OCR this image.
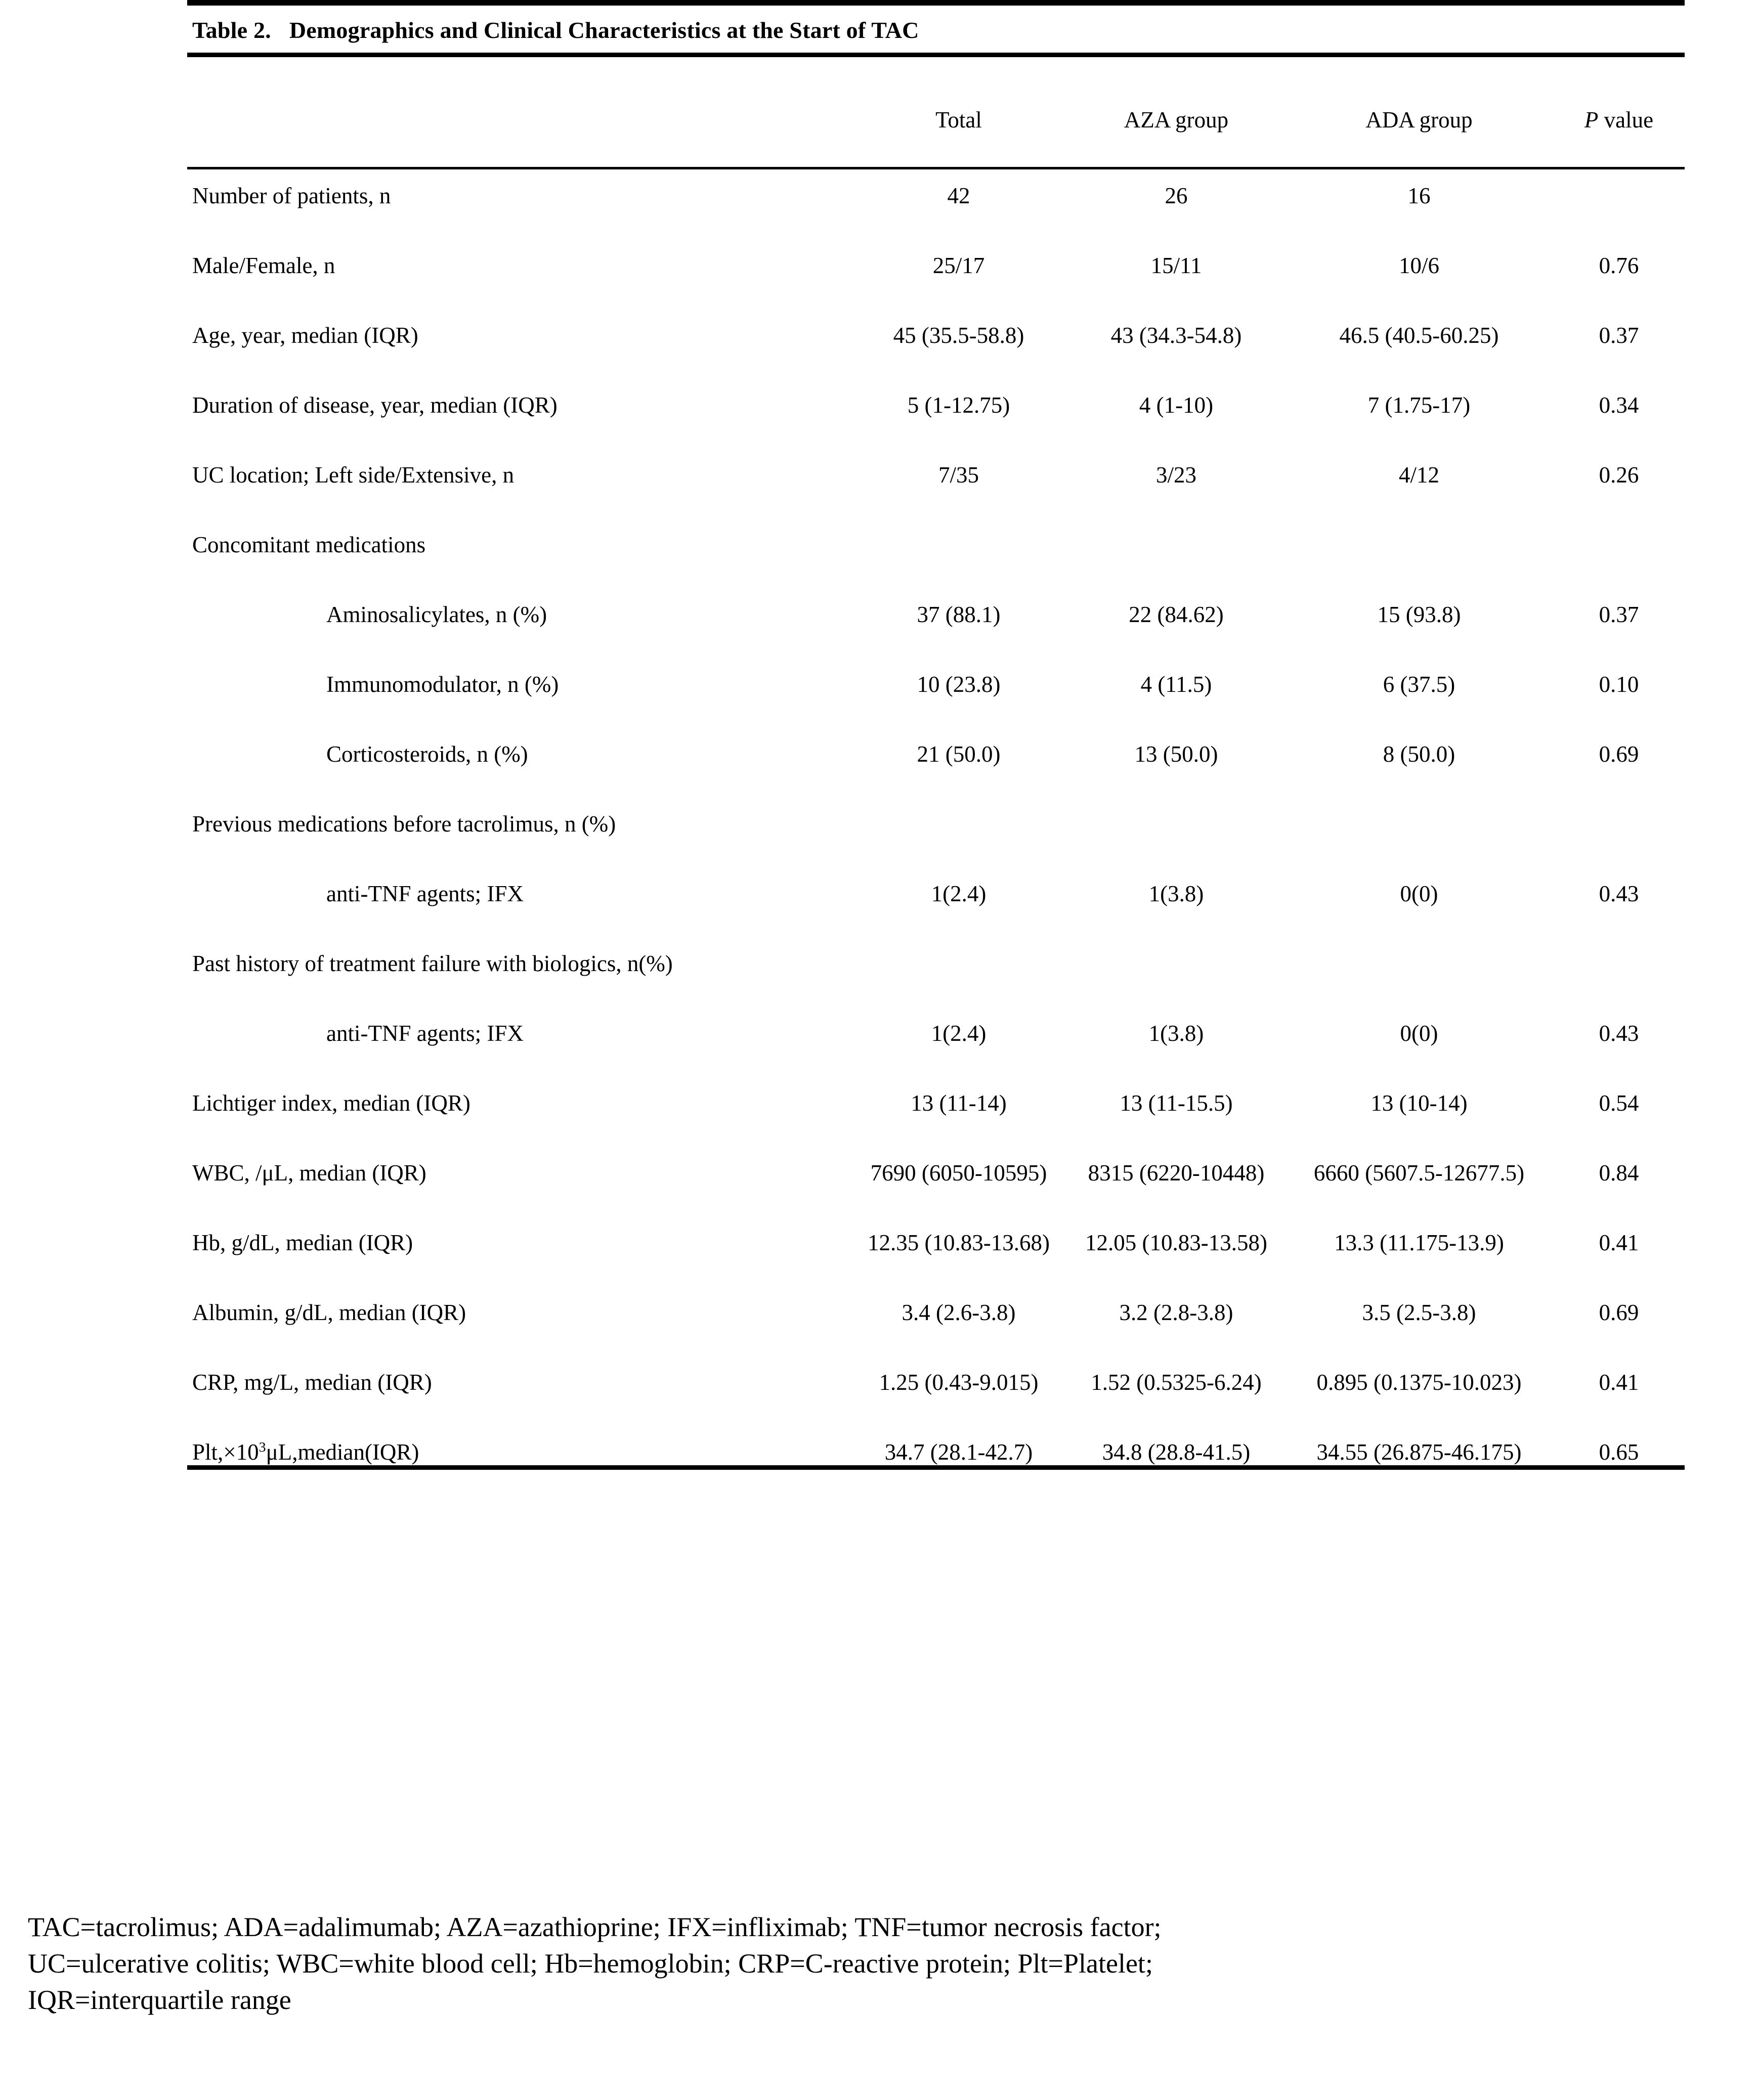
Table 2. Demographics and Clinical Characteristics at the Start of TAC
	Total	AZA group	ADA group	P value
Number of patients, n	42	26	16	
Male/Female, n	25/17	15/11	10/6	0.76
Age, year, median (IQR)	45 (35.5-58.8)	43 (34.3-54.8)	46.5 (40.5-60.25)	0.37
Duration of disease, year, median (IQR)	5 (1-12.75)	4 (1-10)	7 (1.75-17)	0.34
UC location; Left side/Extensive, n	7/35	3/23	4/12	0.26
Concomitant medications				
Aminosalicylates, n (%)	37 (88.1)	22 (84.62)	15 (93.8)	0.37
Immunomodulator, n (%)	10 (23.8)	4 (11.5)	6 (37.5)	0.10
Corticosteroids, n (%)	21 (50.0)	13 (50.0)	8 (50.0)	0.69
Previous medications before tacrolimus, n (%)				
anti-TNF agents; IFX	1(2.4)	1(3.8)	0(0)	0.43
Past history of treatment failure with biologics, n(%)				
anti-TNF agents; IFX	1(2.4)	1(3.8)	0(0)	0.43
Lichtiger index, median (IQR)	13 (11-14)	13 (11-15.5)	13 (10-14)	0.54
WBC, /μL, median (IQR)	7690 (6050-10595)	8315 (6220-10448)	6660 (5607.5-12677.5)	0.84
Hb, g/dL, median (IQR)	12.35 (10.83-13.68)	12.05 (10.83-13.58)	13.3 (11.175-13.9)	0.41
Albumin, g/dL, median (IQR)	3.4 (2.6-3.8)	3.2 (2.8-3.8)	3.5 (2.5-3.8)	0.69
CRP, mg/L, median (IQR)	1.25 (0.43-9.015)	1.52 (0.5325-6.24)	0.895 (0.1375-10.023)	0.41
$Plt,\times 10^3\mu L,median(IQR)$	34.7 (28.1-42.7)	34.8 (28.8-41.5)	34.55 (26.875-46.175)	0.65
TAC=tacrolimus; ADA=adalimumab; AZA=azathioprine; IFX=infliximab; TNF=tumor necrosis factor;
UC=ulcerative colitis; WBC=white blood cell; Hb=hemoglobin; CRP=C-reactive protein; Plt=Platelet;
IQR=interquartile range
